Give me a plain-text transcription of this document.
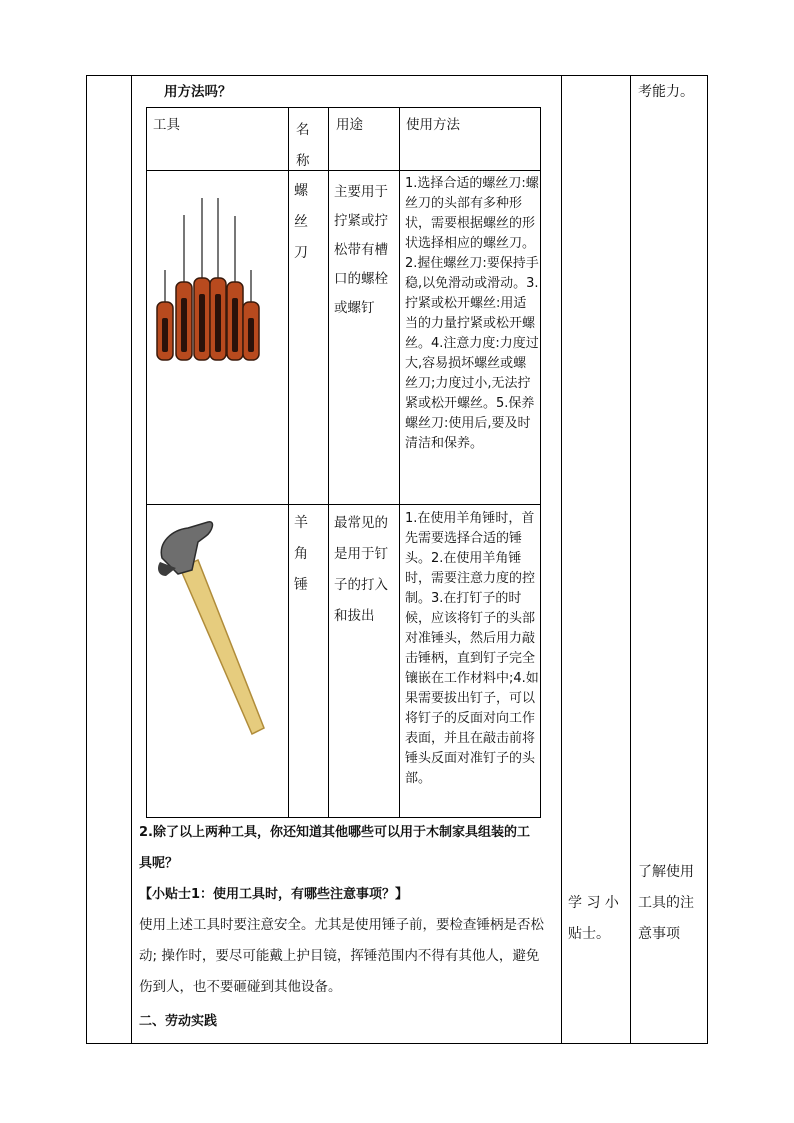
用方法吗？
工具	名称
用途	使用方法
螺
丝
刀
主要用于拧紧或拧松带有槽口的螺栓或螺钉
1.选择合适的螺丝刀:螺丝刀的头部有多种形状，需要根据螺丝的形状选择相应的螺丝刀。2.握住螺丝刀:要保持手稳,以免滑动或滑动。3.拧紧或松开螺丝:用适当的力量拧紧或松开螺丝。4.注意力度:力度过大,容易损坏螺丝或螺丝刀;力度过小,无法拧紧或松开螺丝。5.保养螺丝刀:使用后,要及时清洁和保养。
羊
角
锤
最常见的是用于钉子的打入和拔出
1.在使用羊角锤时，首先需要选择合适的锤头。2.在使用羊角锤时，需要注意力度的控制。3.在打钉子的时候，应该将钉子的头部对准锤头，然后用力敲击锤柄，直到钉子完全镶嵌在工作材料中;4.如果需要拔出钉子，可以将钉子的反面对向工作表面，并且在敲击前将锤头反面对准钉子的头部。
2.除了以上两种工具，你还知道其他哪些可以用于木制家具组装的工
具呢？
【小贴士1：使用工具时，有哪些注意事项？】
使用上述工具时要注意安全。尤其是使用锤子前，要检查锤柄是否松
动; 操作时，要尽可能戴上护目镜，挥锤范围内不得有其他人，避免
伤到人，也不要砸碰到其他设备。
二、劳动实践
学 习 小
贴士。
考能力。
了解使用
工具的注
意事项
